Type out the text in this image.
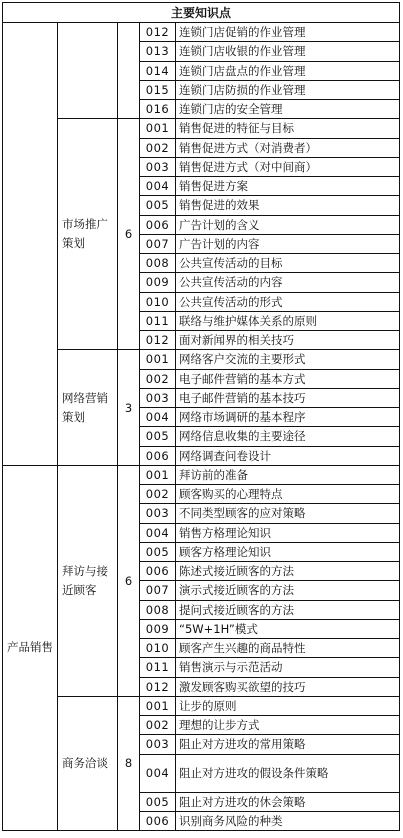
主要知识点				
			012	连锁门店促销的作业管理
			013	连锁门店收银的作业管理
			014	连锁门店盘点的作业管理
			015	连锁门店防损的作业管理
			016	连锁门店的安全管理
	市场推广策划	6	001	销售促进的特征与目标
			002	销售促进方式（对消费者）
			003	销售促进方式（对中间商）
			004	销售促进方案
			005	销售促进的效果
			006	广告计划的含义
			007	广告计划的内容
			008	公共宣传活动的目标
			009	公共宣传活动的内容
			010	公共宣传活动的形式
			011	联络与维护媒体关系的原则
			012	面对新闻界的相关技巧
	网络营销策划	3	001	网络客户交流的主要形式
			002	电子邮件营销的基本方式
			003	电子邮件营销的基本技巧
			004	网络市场调研的基本程序
			005	网络信息收集的主要途径
			006	网络调查问卷设计
产品销售	拜访与接近顾客	6	001	拜访前的准备
			002	顾客购买的心理特点
			003	不同类型顾客的应对策略
			004	销售方格理论知识
			005	顾客方格理论知识
			006	陈述式接近顾客的方法
			007	演示式接近顾客的方法
			008	提问式接近顾客的方法
			009	“5W+1H”模式
			010	顾客产生兴趣的商品特性
			011	销售演示与示范活动
			012	激发顾客购买欲望的技巧
	商务洽谈	8	001	让步的原则
			002	理想的让步方式
			003	阻止对方进攻的常用策略
			004	阻止对方进攻的假设条件策略
			005	阻止对方进攻的休会策略
			006	识别商务风险的种类
